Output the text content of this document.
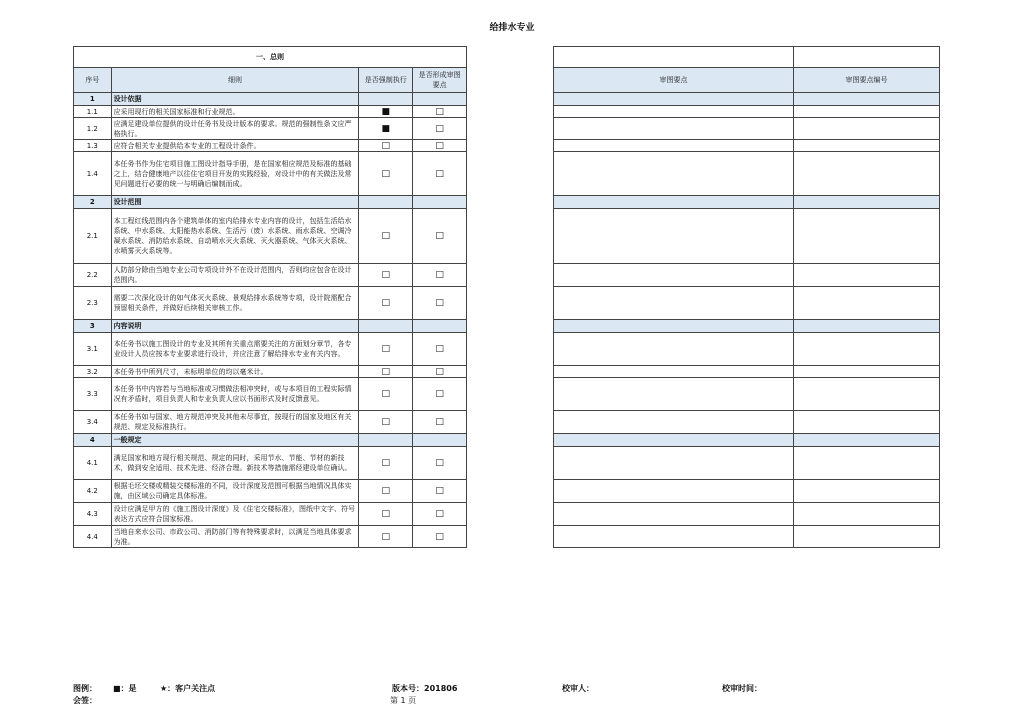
给排水专业
一、总则			
序号	细则	是否强制执行	是否形成审图要点
1	设计依据		
1.1	应采用现行的相关国家标准和行业规范。	■	□
1.2	应满足建设单位提供的设计任务书及设计版本的要求。规范的强制性条文应严格执行。	■	□
1.3	应符合相关专业提供给本专业的工程设计条件。	□	□
1.4	本任务书作为住宅项目施工图设计指导手册，是在国家相应规范及标准的基础之上，结合健康地产以往住宅项目开发的实践经验，对设计中的有关做法及常见问题进行必要的统一与明确后编制而成。	□	□
2	设计范围		
2.1	本工程红线范围内各个建筑单体的室内给排水专业内容的设计，包括生活给水系统、中水系统、太阳能热水系统、生活污（废）水系统、雨水系统、空调冷凝水系统、消防给水系统、自动喷水灭火系统、灭火器系统、气体灭火系统、水喷雾灭火系统等。	□	□
2.2	人防部分除由当地专业公司专项设计外不在设计范围内，否则均应包含在设计范围内。	□	□
2.3	需要二次深化设计的如气体灭火系统、景观给排水系统等专项，设计院需配合预留相关条件，并做好后续相关审核工作。	□	□
3	内容说明		
3.1	本任务书以施工图设计的专业及其所有关重点需要关注的方面划分章节，各专业设计人员应按本专业要求进行设计，并应注意了解给排水专业有关内容。	□	□
3.2	本任务书中所列尺寸，未标明单位的均以毫米计。	□	□
3.3	本任务书中内容若与当地标准或习惯做法相冲突时，或与本项目的工程实际情况有矛盾时，项目负责人和专业负责人应以书面形式及时反馈意见。	□	□
3.4	本任务书如与国家、地方规范冲突及其他未尽事宜，按现行的国家及地区有关规范、规定及标准执行。	□	□
4	一般规定		
4.1	满足国家和地方现行相关规范、规定的同时，采用节水、节能、节材的新技术，做到安全适用、技术先进、经济合理。新技术等措施需经建设单位确认。	□	□
4.2	根据毛坯交楼或精装交楼标准的不同，设计深度及范围可根据当地情况具体实施，由区域公司确定具体标准。	□	□
4.3	设计应满足甲方的《施工图设计深度》及《住宅交楼标准》，图纸中文字、符号表达方式应符合国家标准。	□	□
4.4	当地自来水公司、市政公司、消防部门等有特殊要求时，以满足当地具体要求为准。	□	□

审图要点	审图要点编号

图例： ■：是	★：客户关注点	版本号：201806	校审人：	校审时间：
会签：	第 1 页
